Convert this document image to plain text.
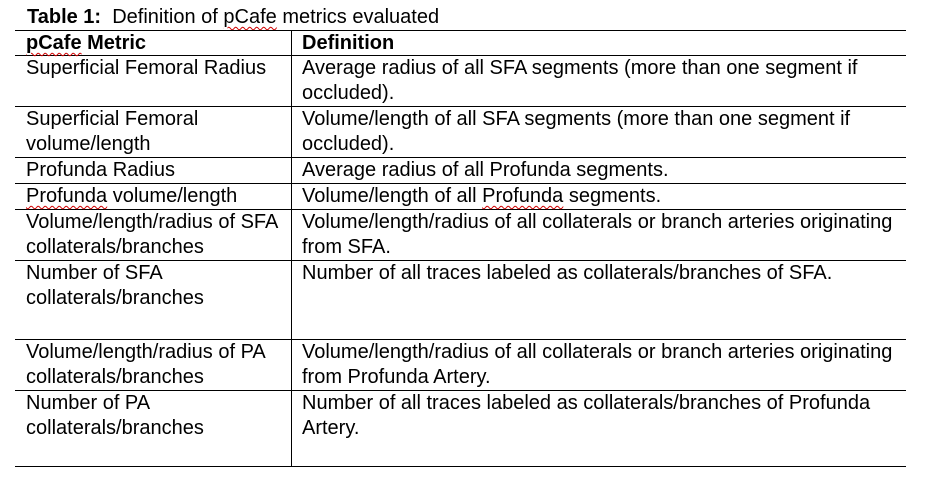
Table 1:  Definition of pCafe metrics evaluated
pCafe Metric	Definition
Superficial Femoral Radius	Average radius of all SFA segments (more than one segment if occluded).
Superficial Femoral volume/length	Volume/length of all SFA segments (more than one segment if occluded).
Profunda Radius	Average radius of all Profunda segments.
Profunda volume/length	Volume/length of all Profunda segments.
Volume/length/radius of SFA collaterals/branches	Volume/length/radius of all collaterals or branch arteries originating from SFA.
Number of SFA collaterals/branches	Number of all traces labeled as collaterals/branches of SFA.
Volume/length/radius of PA collaterals/branches	Volume/length/radius of all collaterals or branch arteries originating from Profunda Artery.
Number of PA collaterals/branches	Number of all traces labeled as collaterals/branches of Profunda Artery.
